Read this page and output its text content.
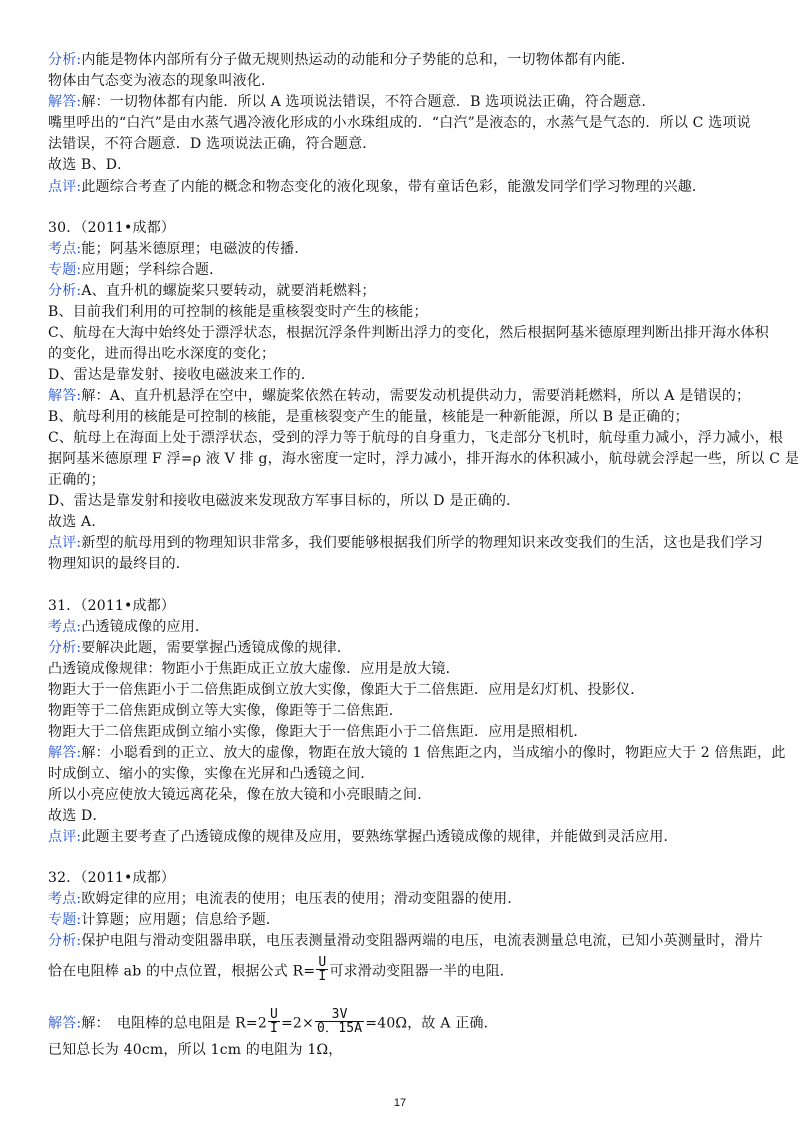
分析:内能是物体内部所有分子做无规则热运动的动能和分子势能的总和，一切物体都有内能．
物体由气态变为液态的现象叫液化．
解答:解：一切物体都有内能．所以 A 选项说法错误，不符合题意．B 选项说法正确，符合题意．
嘴里呼出的“白汽”是由水蒸气遇冷液化形成的小水珠组成的．“白汽”是液态的，水蒸气是气态的．所以 C 选项说
法错误，不符合题意．D 选项说法正确，符合题意．
故选 B、D．
点评:此题综合考查了内能的概念和物态变化的液化现象，带有童话色彩，能激发同学们学习物理的兴趣．
30．（2011•成都）
考点:能；阿基米德原理；电磁波的传播．
专题:应用题；学科综合题．
分析:A、直升机的螺旋桨只要转动，就要消耗燃料；
B、目前我们利用的可控制的核能是重核裂变时产生的核能；
C、航母在大海中始终处于漂浮状态，根据沉浮条件判断出浮力的变化，然后根据阿基米德原理判断出排开海水体积
的变化，进而得出吃水深度的变化；
D、雷达是靠发射、接收电磁波来工作的．
解答:解：A、直升机悬浮在空中，螺旋桨依然在转动，需要发动机提供动力，需要消耗燃料，所以 A 是错误的；
B、航母利用的核能是可控制的核能，是重核裂变产生的能量，核能是一种新能源，所以 B 是正确的；
C、航母上在海面上处于漂浮状态，受到的浮力等于航母的自身重力，飞走部分飞机时，航母重力减小，浮力减小，根
据阿基米德原理 F 浮=ρ 液 V 排 g，海水密度一定时，浮力减小，排开海水的体积减小，航母就会浮起一些，所以 C 是
正确的；
D、雷达是靠发射和接收电磁波来发现敌方军事目标的，所以 D 是正确的．
故选 A．
点评:新型的航母用到的物理知识非常多，我们要能够根据我们所学的物理知识来改变我们的生活，这也是我们学习
物理知识的最终目的．
31．（2011•成都）
考点:凸透镜成像的应用．
分析:要解决此题，需要掌握凸透镜成像的规律．
凸透镜成像规律：物距小于焦距成正立放大虚像．应用是放大镜．
物距大于一倍焦距小于二倍焦距成倒立放大实像，像距大于二倍焦距．应用是幻灯机、投影仪．
物距等于二倍焦距成倒立等大实像，像距等于二倍焦距．
物距大于二倍焦距成倒立缩小实像，像距大于一倍焦距小于二倍焦距．应用是照相机．
解答:解：小聪看到的正立、放大的虚像，物距在放大镜的 1 倍焦距之内，当成缩小的像时，物距应大于 2 倍焦距，此
时成倒立、缩小的实像，实像在光屏和凸透镜之间．
所以小亮应使放大镜远离花朵，像在放大镜和小亮眼睛之间．
故选 D．
点评:此题主要考查了凸透镜成像的规律及应用，要熟练掌握凸透镜成像的规律，并能做到灵活应用．
32．（2011•成都）
考点:欧姆定律的应用；电流表的使用；电压表的使用；滑动变阻器的使用．
专题:计算题；应用题；信息给予题．
分析:保护电阻与滑动变阻器串联，电压表测量滑动变阻器两端的电压，电流表测量总电流，已知小英测量时，滑片
恰在电阻棒 ab 的中点位置，根据公式 $R= \frac{U}{I}$ 可求滑动变阻器一半的电阻．
解答:解：　电阻棒的总电阻是 $R=2 \frac{U}{I} =2\times \frac{3V}{0.15A} =40\Omega$，故 A 正确．
已知总长为 40cm，所以 1cm 的电阻为 1Ω，
17
